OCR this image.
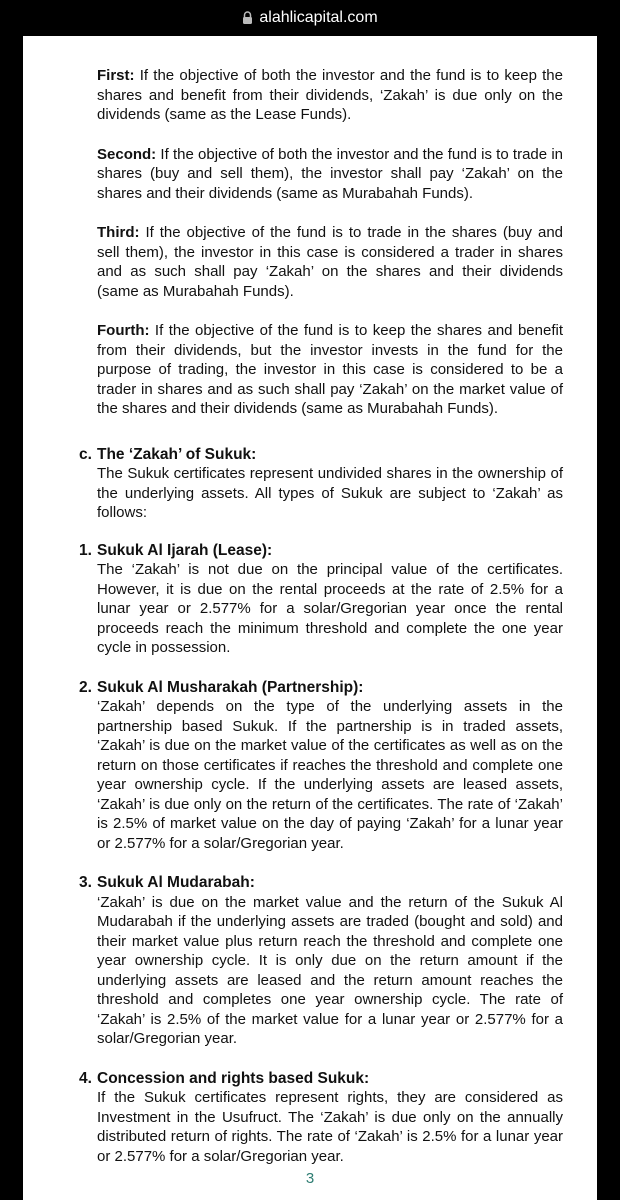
alahlicapital.com

First: If the objective of both the investor and the fund is to keep the shares and benefit from their dividends, ‘Zakah’ is due only on the dividends (same as the Lease Funds).

Second: If the objective of both the investor and the fund is to trade in shares (buy and sell them), the investor shall pay ‘Zakah’ on the shares and their dividends (same as Murabahah Funds).

Third: If the objective of the fund is to trade in the shares (buy and sell them), the investor in this case is considered a trader in shares and as such shall pay ‘Zakah’ on the shares and their dividends (same as Murabahah Funds).

Fourth: If the objective of the fund is to keep the shares and benefit from their dividends, but the investor invests in the fund for the purpose of trading, the investor in this case is considered to be a trader in shares and as such shall pay ‘Zakah’ on the market value of the shares and their dividends (same as Murabahah Funds).

c. The ‘Zakah’ of Sukuk:
The Sukuk certificates represent undivided shares in the ownership of the underlying assets. All types of Sukuk are subject to ‘Zakah’ as follows:
1. Sukuk Al Ijarah (Lease):
The ‘Zakah’ is not due on the principal value of the certificates. However, it is due on the rental proceeds at the rate of 2.5% for a lunar year or 2.577% for a solar/Gregorian year once the rental proceeds reach the minimum threshold and complete the one year cycle in possession.
2. Sukuk Al Musharakah (Partnership):
‘Zakah’ depends on the type of the underlying assets in the partnership based Sukuk. If the partnership is in traded assets, ‘Zakah’ is due on the market value of the certificates as well as on the return on those certificates if reaches the threshold and complete one year ownership cycle. If the underlying assets are leased assets, ‘Zakah’ is due only on the return of the certificates. The rate of ‘Zakah’ is 2.5% of market value on the day of paying ‘Zakah’ for a lunar year or 2.577% for a solar/Gregorian year.
3. Sukuk Al Mudarabah:
‘Zakah’ is due on the market value and the return of the Sukuk Al Mudarabah if the underlying assets are traded (bought and sold) and their market value plus return reach the threshold and complete one year ownership cycle. It is only due on the return amount if the underlying assets are leased and the return amount reaches the threshold and completes one year ownership cycle. The rate of ‘Zakah’ is 2.5% of the market value for a lunar year or 2.577% for a solar/Gregorian year.
4. Concession and rights based Sukuk:
If the Sukuk certificates represent rights, they are considered as Investment in the Usufruct. The ‘Zakah’ is due only on the annually distributed return of rights. The rate of ‘Zakah’ is 2.5% for a lunar year or 2.577% for a solar/Gregorian year.
3
